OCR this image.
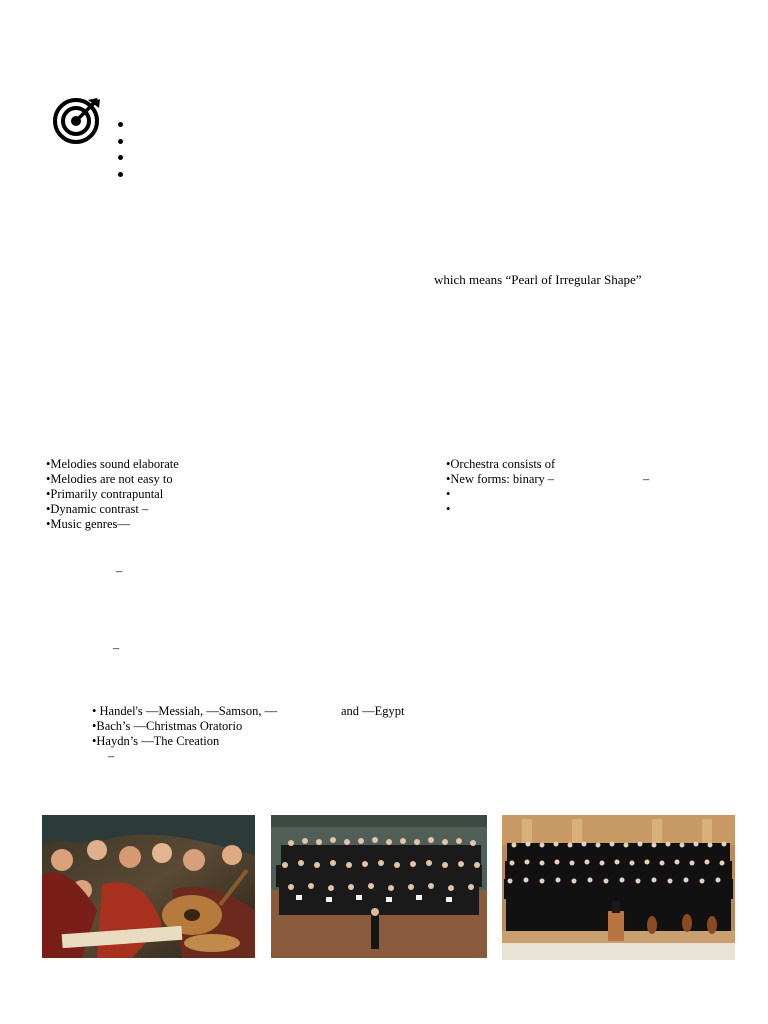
which means “Pearl of Irregular Shape”
•Melodies sound elaborate
•Melodies are not easy to
•Primarily contrapuntal
•Dynamic contrast –
•Music genres—
•Orchestra consists of
•New forms: binary –	–
•
•
–
–
• Handel's —Messiah, —Samson, —	and —Egypt
•Bach’s —Christmas Oratorio
•Haydn’s —The Creation
–
